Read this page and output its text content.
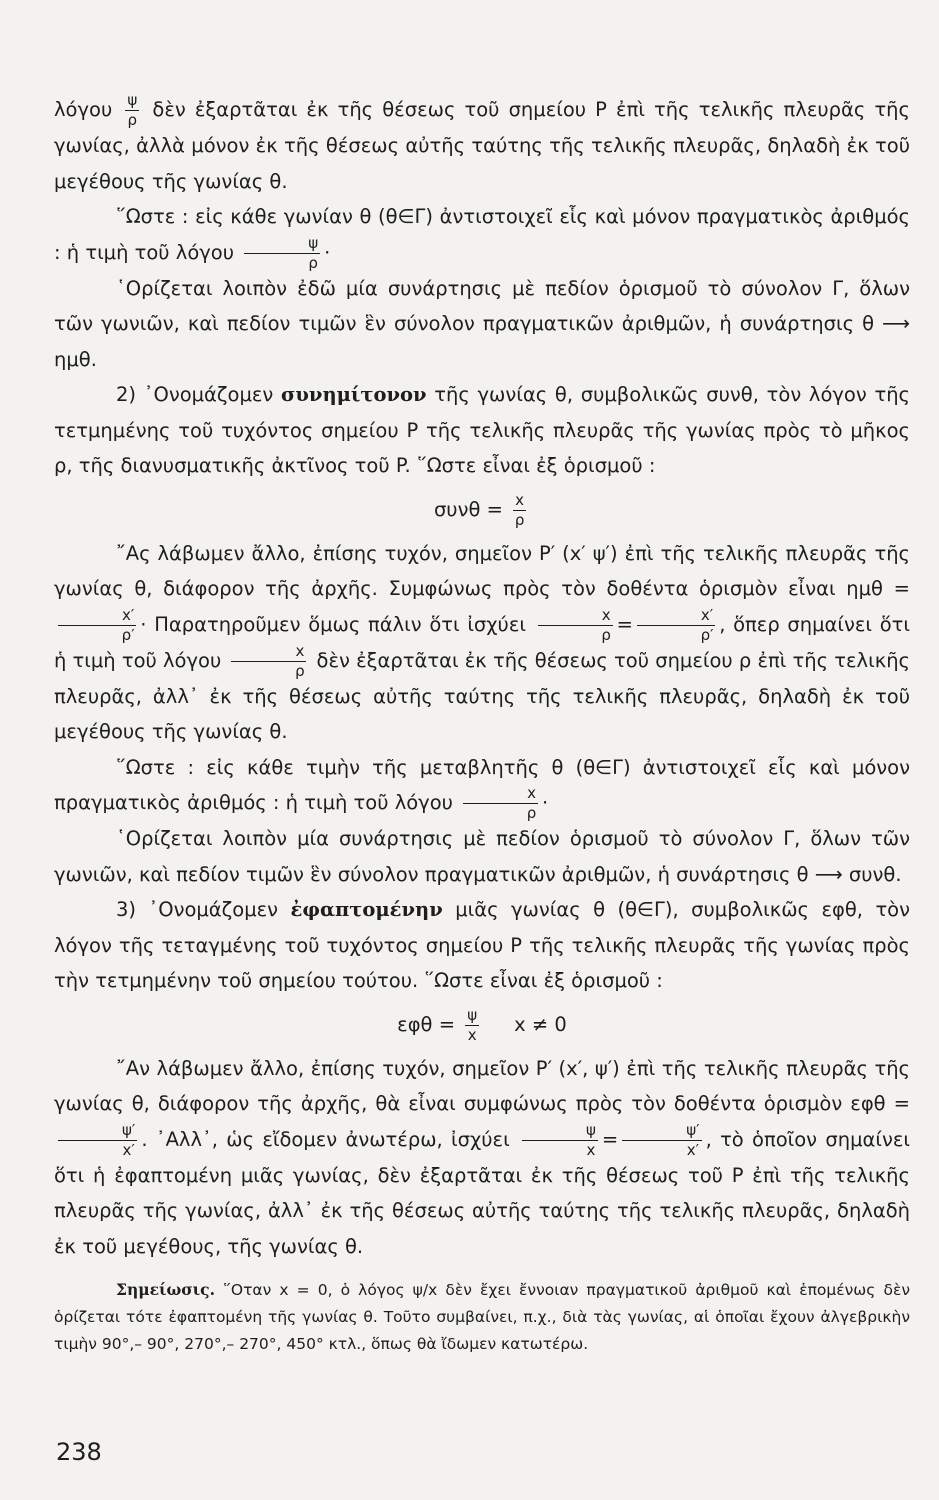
λόγου $\frac{\psi}{\rho}$ δὲν ἐξαρτᾶται ἐκ τῆς θέσεως τοῦ σημείου P ἐπὶ τῆς τελικῆς πλευρᾶς τῆς γωνίας, ἀλλὰ μόνον ἐκ τῆς θέσεως αὐτῆς ταύτης τῆς τελικῆς πλευρᾶς, δηλαδὴ ἐκ τοῦ μεγέθους τῆς γωνίας θ.

῞Ωστε : εἰς κάθε γωνίαν θ (θ∈Γ) ἀντιστοιχεῖ εἷς καὶ μόνον πραγματικὸς ἀριθμός : ἡ τιμὴ τοῦ λόγου $\frac{\psi}{\rho}$ ·

῾Ορίζεται λοιπὸν ἐδῶ μία συνάρτησις μὲ πεδίον ὁρισμοῦ τὸ σύνολον Γ, ὅλων τῶν γωνιῶν, καὶ πεδίον τιμῶν ἓν σύνολον πραγματικῶν ἀριθμῶν, ἡ συνάρτησις θ ⟶ ημθ.

2) ᾿Ονομάζομεν συνημίτονον τῆς γωνίας θ, συμβολικῶς συνθ, τὸν λόγον τῆς τετμημένης τοῦ τυχόντος σημείου P τῆς τελικῆς πλευρᾶς τῆς γωνίας πρὸς τὸ μῆκος ρ, τῆς διανυσματικῆς ἀκτῖνος τοῦ P. ῞Ωστε εἶναι ἐξ ὁρισμοῦ :

$\sigma\upsilon\nu\theta = \frac{x}{\rho}$

῎Ας λάβωμεν ἄλλο, ἐπίσης τυχόν, σημεῖον P′ (x′ ψ′) ἐπὶ τῆς τελικῆς πλευρᾶς τῆς γωνίας θ, διάφορον τῆς ἀρχῆς. Συμφώνως πρὸς τὸν δοθέντα ὁρισμὸν εἶναι ημθ =
$\frac{x'}{\rho'}$ · Παρατηροῦμεν ὅμως πάλιν ὅτι ἰσχύει $\frac{x}{\rho} = \frac{x'}{\rho'}$ , ὅπερ σημαίνει ὅτι ἡ τιμὴ τοῦ λόγου $\frac{x}{\rho}$ δὲν ἐξαρτᾶται ἐκ τῆς θέσεως τοῦ σημείου ρ ἐπὶ τῆς τελικῆς πλευρᾶς, ἀλλ᾿ ἐκ τῆς θέσεως αὐτῆς ταύτης τῆς τελικῆς πλευρᾶς, δηλαδὴ ἐκ τοῦ μεγέθους τῆς γωνίας θ.

῞Ωστε : εἰς κάθε τιμὴν τῆς μεταβλητῆς θ (θ∈Γ) ἀντιστοιχεῖ εἷς καὶ μόνον πραγματικὸς ἀριθμός : ἡ τιμὴ τοῦ λόγου $\frac{x}{\rho}$ ·

῾Ορίζεται λοιπὸν μία συνάρτησις μὲ πεδίον ὁρισμοῦ τὸ σύνολον Γ, ὅλων τῶν γωνιῶν, καὶ πεδίον τιμῶν ἓν σύνολον πραγματικῶν ἀριθμῶν, ἡ συνάρτησις θ ⟶ συνθ.

3) ᾿Ονομάζομεν ἐφαπτομένην μιᾶς γωνίας θ (θ∈Γ), συμβολικῶς εφθ, τὸν λόγον τῆς τεταγμένης τοῦ τυχόντος σημείου P τῆς τελικῆς πλευρᾶς τῆς γωνίας πρὸς τὴν τετμημένην τοῦ σημείου τούτου. ῞Ωστε εἶναι ἐξ ὁρισμοῦ :

$\varepsilon\varphi\theta = \frac{\psi}{x}$ x ≠ 0

῎Αν λάβωμεν ἄλλο, ἐπίσης τυχόν, σημεῖον P′ (x′, ψ′) ἐπὶ τῆς τελικῆς πλευρᾶς τῆς γωνίας θ, διάφορον τῆς ἀρχῆς, θὰ εἶναι συμφώνως πρὸς τὸν δοθέντα ὁρισμὸν εφθ =
$\frac{\psi'}{x'}$ . ᾿Αλλ᾿, ὡς εἴδομεν ἀνωτέρω, ἰσχύει $\frac{\psi}{x} = \frac{\psi'}{x'}$ , τὸ ὁποῖον σημαίνει ὅτι ἡ ἐφαπτομένη μιᾶς γωνίας, δὲν ἐξαρτᾶται ἐκ τῆς θέσεως τοῦ P ἐπὶ τῆς τελικῆς πλευρᾶς τῆς γωνίας, ἀλλ᾿ ἐκ τῆς θέσεως αὐτῆς ταύτης τῆς τελικῆς πλευρᾶς, δηλαδὴ ἐκ τοῦ μεγέθους, τῆς γωνίας θ.

Σημείωσις. ῞Οταν x = 0, ὁ λόγος ψ/x δὲν ἔχει ἔννοιαν πραγματικοῦ ἀριθμοῦ καὶ ἑπομένως δὲν ὁρίζεται τότε ἐφαπτομένη τῆς γωνίας θ. Τοῦτο συμβαίνει, π.χ., διὰ τὰς γωνίας, αἱ ὁποῖαι ἔχουν ἀλγεβρικὴν τιμὴν 90°,– 90°, 270°,– 270°, 450° κτλ., ὅπως θὰ ἴδωμεν κατωτέρω.

238
